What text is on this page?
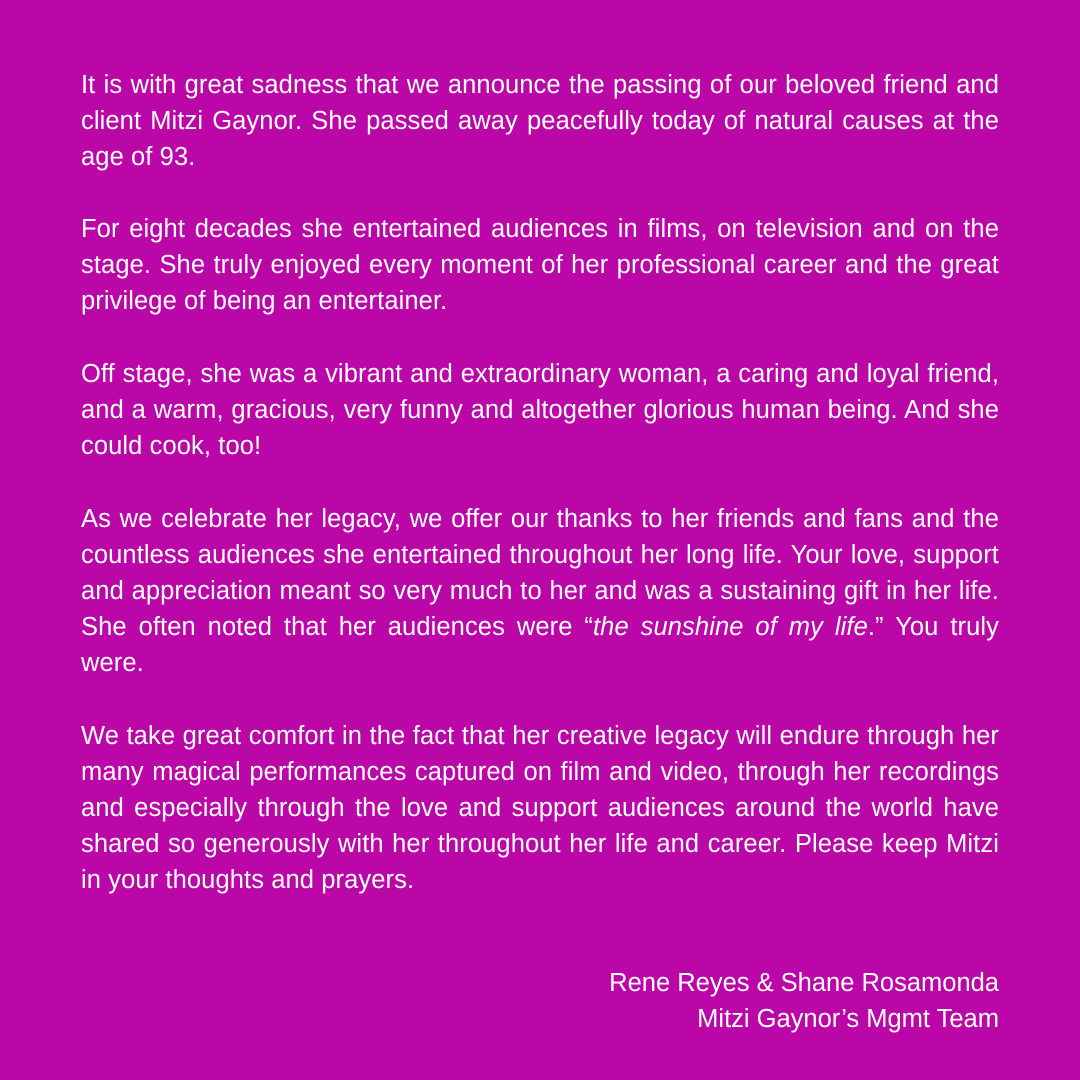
It is with great sadness that we announce the passing of our beloved friend and client Mitzi Gaynor. She passed away peacefully today of natural causes at the age of 93.

For eight decades she entertained audiences in films, on television and on the stage. She truly enjoyed every moment of her professional career and the great privilege of being an entertainer.

Off stage, she was a vibrant and extraordinary woman, a caring and loyal friend, and a warm, gracious, very funny and altogether glorious human being. And she could cook, too!

As we celebrate her legacy, we offer our thanks to her friends and fans and the countless audiences she entertained throughout her long life. Your love, support and appreciation meant so very much to her and was a sustaining gift in her life. She often noted that her audiences were “the sunshine of my life.” You truly were.

We take great comfort in the fact that her creative legacy will endure through her many magical performances captured on film and video, through her recordings and especially through the love and support audiences around the world have shared so generously with her throughout her life and career. Please keep Mitzi in your thoughts and prayers.

Rene Reyes & Shane Rosamonda
Mitzi Gaynor’s Mgmt Team
